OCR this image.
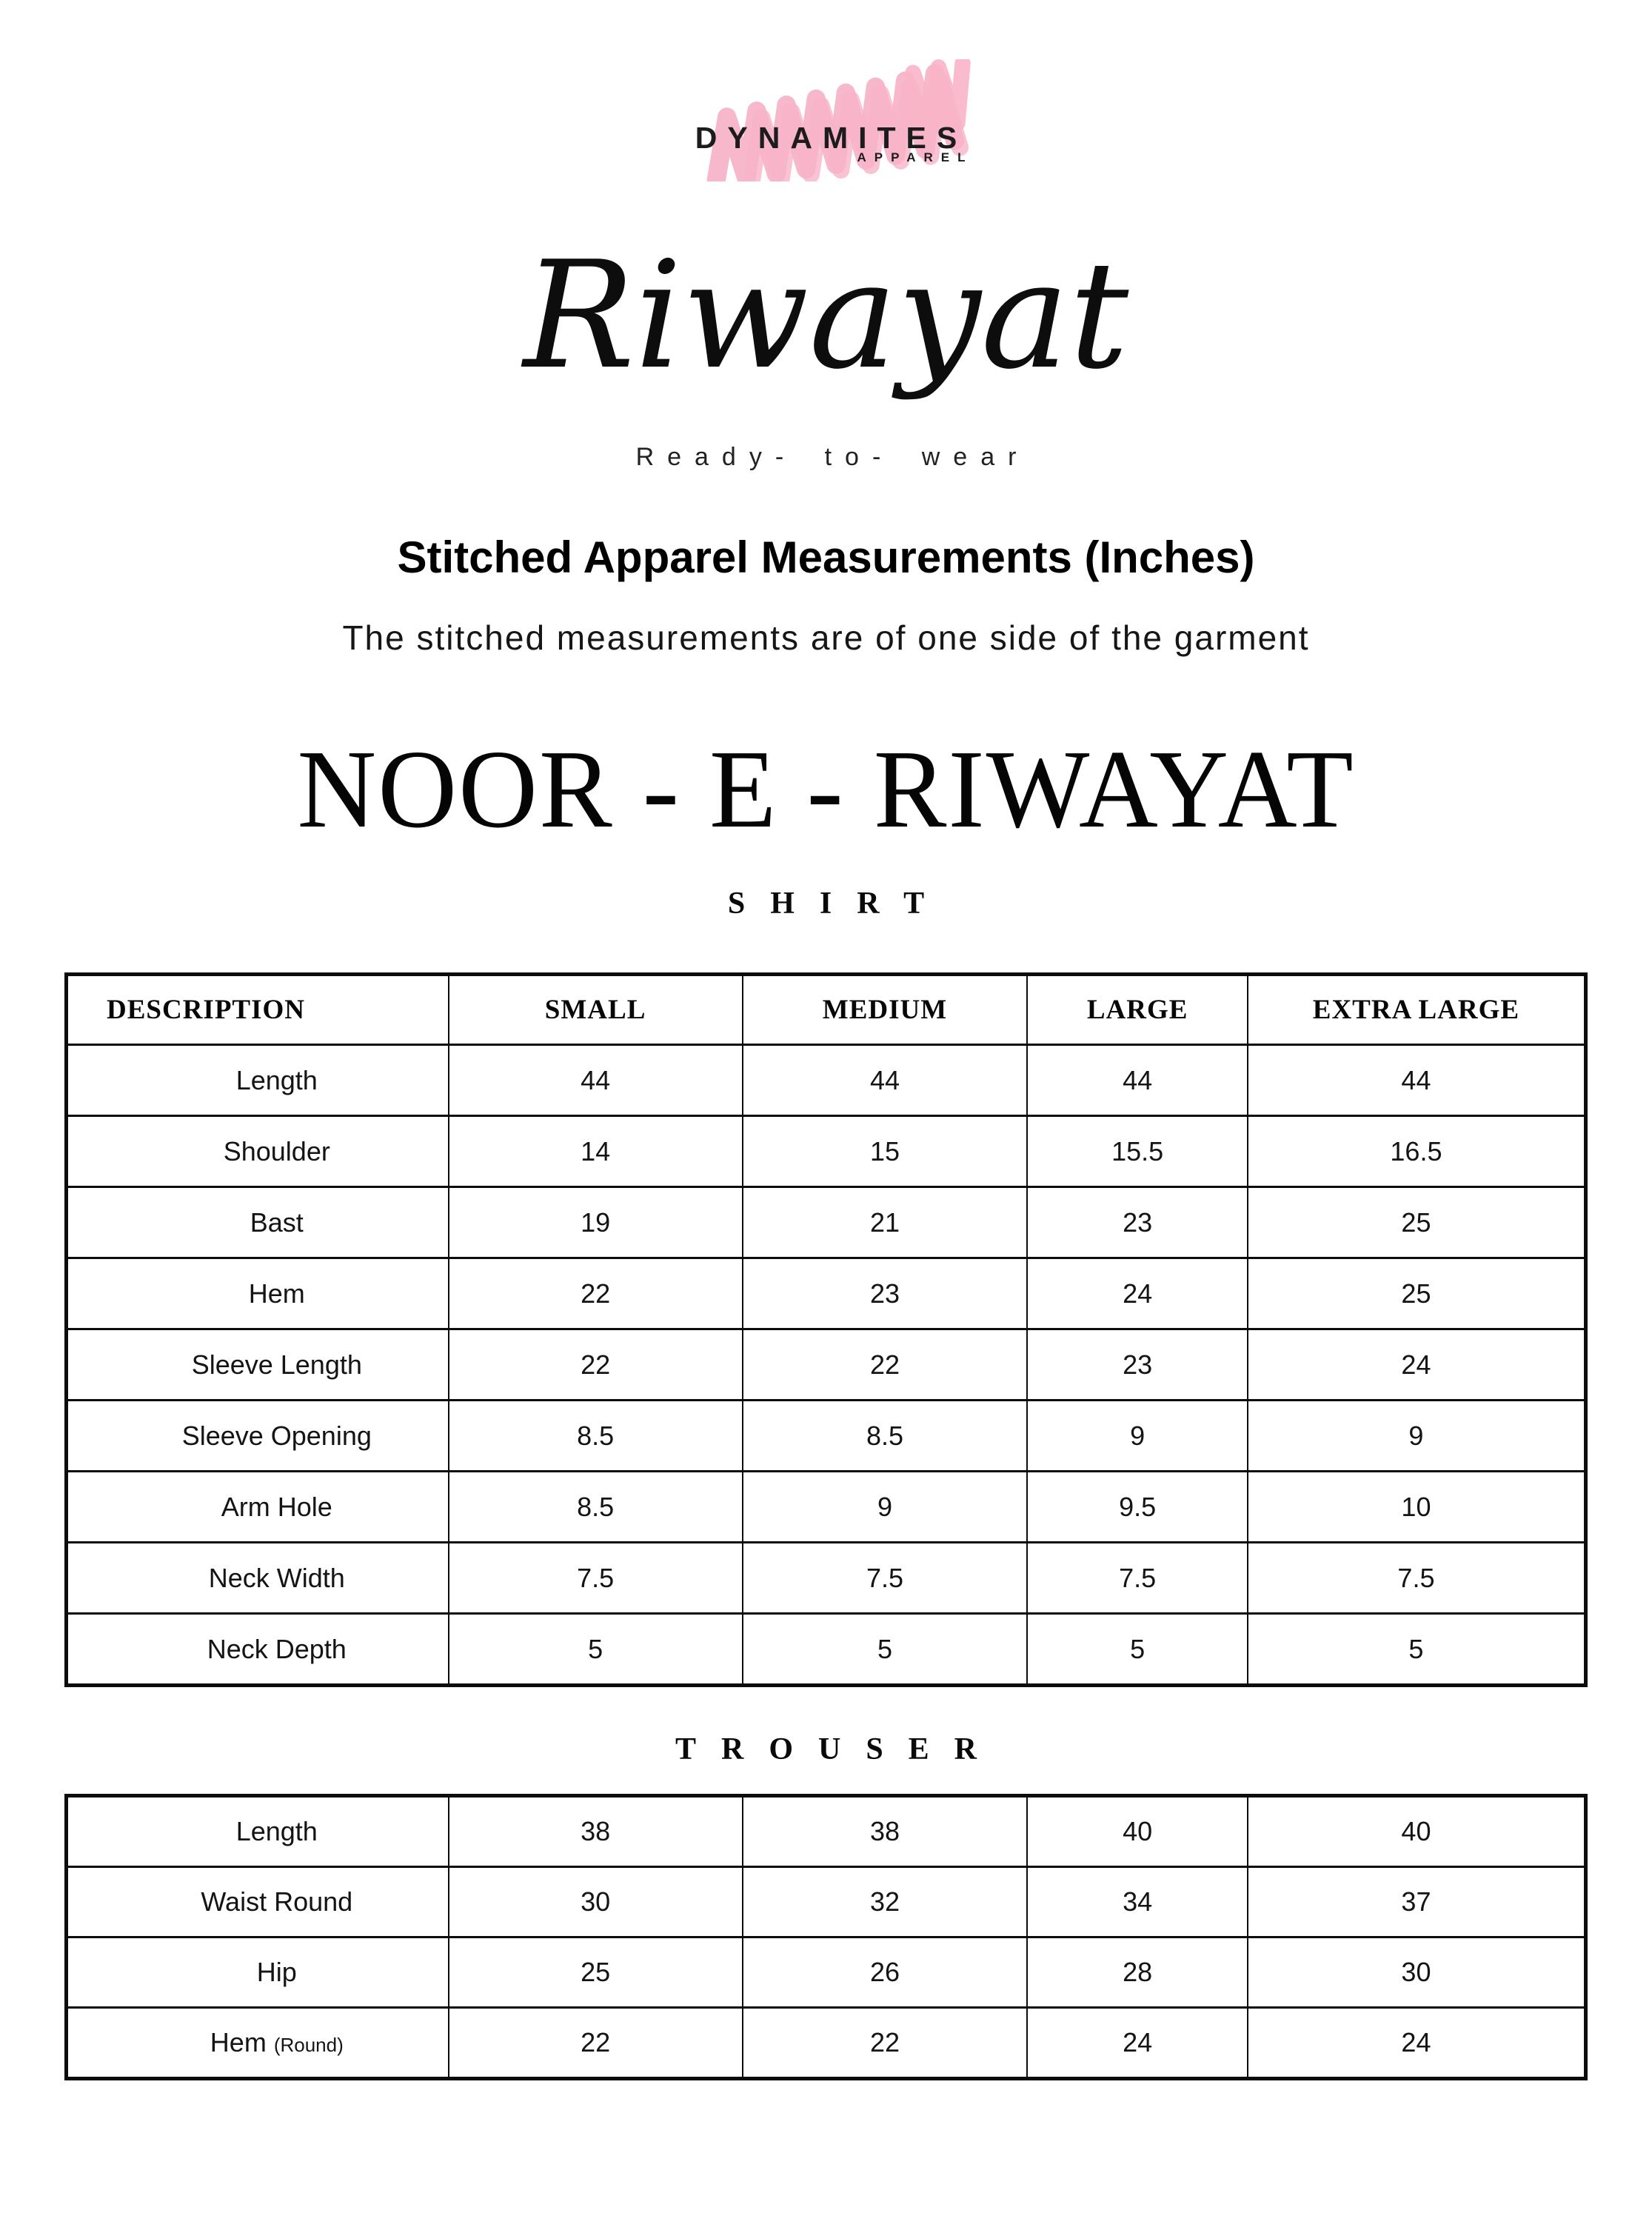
DYNAMITES
APPAREL
Riwayat
Ready- to- wear
Stitched Apparel Measurements (Inches)
The stitched measurements are of one side of the garment
NOOR - E - RIWAYAT
SHIRT
DESCRIPTION	SMALL	MEDIUM	LARGE	EXTRA LARGE
Length	44	44	44	44
Shoulder	14	15	15.5	16.5
Bast	19	21	23	25
Hem	22	23	24	25
Sleeve Length	22	22	23	24
Sleeve Opening	8.5	8.5	9	9
Arm Hole	8.5	9	9.5	10
Neck Width	7.5	7.5	7.5	7.5
Neck Depth	5	5	5	5
TROUSER
Length	38	38	40	40
Waist Round	30	32	34	37
Hip	25	26	28	30
Hem (Round)	22	22	24	24
